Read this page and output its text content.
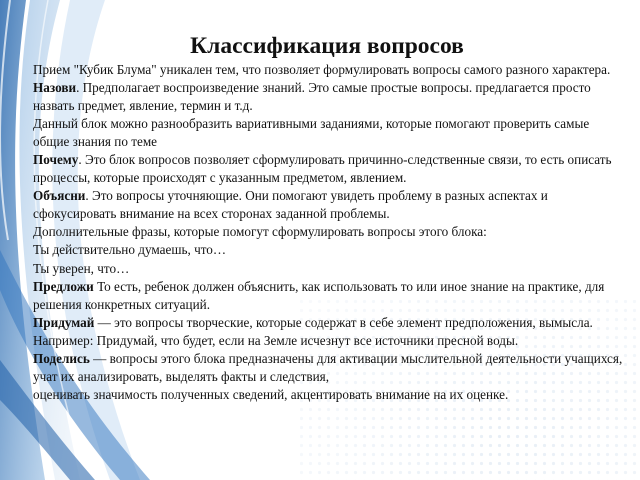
Классификация вопросов

Прием "Кубик Блума" уникален тем, что позволяет формулировать вопросы самого разного характера.

Назови. Предполагает воспроизведение знаний. Это самые простые вопросы. предлагается просто назвать предмет, явление, термин и т.д.

Данный блок можно разнообразить вариативными заданиями, которые помогают проверить самые общие знания по теме

Почему. Это блок вопросов позволяет сформулировать причинно-следственные связи, то есть описать процессы, которые происходят с указанным предметом, явлением.

Объясни. Это вопросы уточняющие. Они помогают увидеть проблему в разных аспектах и сфокусировать внимание на всех сторонах заданной проблемы.

Дополнительные фразы, которые помогут сформулировать вопросы этого блока:

Ты действительно думаешь, что…

Ты уверен, что…

Предложи То есть, ребенок должен объяснить, как использовать то или иное знание на практике, для решения конкретных ситуаций.

Придумай — это вопросы творческие, которые содержат в себе элемент предположения, вымысла.

Например: Придумай, что будет, если на Земле исчезнут все источники пресной воды.

Поделись — вопросы этого блока предназначены для активации мыслительной деятельности учащихся, учат их анализировать, выделять факты и следствия,

оценивать значимость полученных сведений, акцентировать внимание на их оценке.
